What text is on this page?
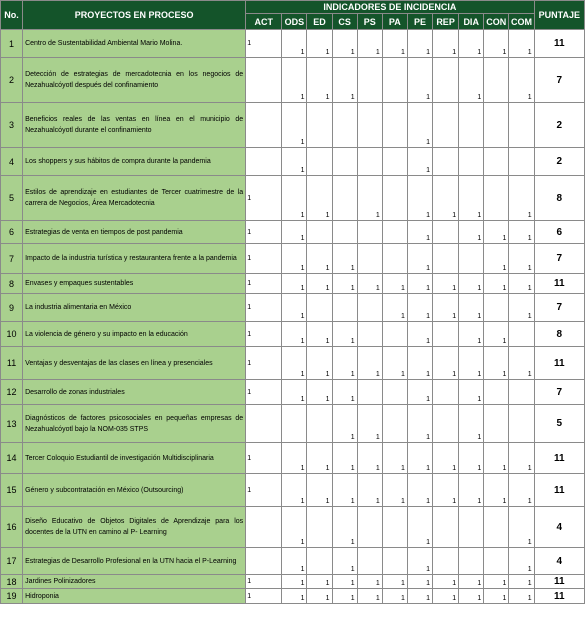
No.	PROYECTOS EN PROCESO	INDICADORES DE INCIDENCIA											PUNTAJE
		ACT	ODS	ED	CS	PS	PA	PE	REP	DIA	CON	COM	
1	Centro de Sustentabilidad Ambiental Mario Molina.	1	1	1	1	1	1	1	1	1	1	1	11
2	Detección de estrategias de mercadotecnia en los negocios de Nezahualcóyotl después del confinamiento		1	1	1			1		1		1	7
3	Beneficios reales de las ventas en línea en el municipio de Nezahualcóyotl durante el confinamiento		1					1					2
4	Los shoppers y sus hábitos de compra durante la pandemia		1					1					2
5	Estilos de aprendizaje en estudiantes de Tercer cuatrimestre de la carrera de Negocios, Área Mercadotecnia	1	1	1		1		1	1	1		1	8
6	Estrategias de venta en tiempos de post pandemia	1	1					1		1	1	1	6
7	Impacto de la industria turística y restaurantera frente a la pandemia	1	1	1	1			1			1	1	7
8	Envases y empaques sustentables	1	1	1	1	1	1	1	1	1	1	1	11
9	La industria alimentaria en México	1	1				1	1	1	1		1	7
10	La violencia de género y su impacto en la educación	1	1	1	1			1		1	1		8
11	Ventajas y desventajas de las clases en línea y presenciales	1	1	1	1	1	1	1	1	1	1	1	11
12	Desarrollo de zonas industriales	1	1	1	1			1		1			7
13	Diagnósticos de factores psicosociales en pequeñas empresas de Nezahualcóyotl bajo la NOM-035 STPS				1	1		1		1			5
14	Tercer Coloquio Estudiantil de investigación Multidisciplinaria	1	1	1	1	1	1	1	1	1	1	1	11
15	Género y subcontratación en México (Outsourcing)	1	1	1	1	1	1	1	1	1	1	1	11
16	Diseño Educativo de Objetos Digitales de Aprendizaje para los docentes de la UTN en camino al P- Learning		1		1			1				1	4
17	Estrategias de Desarrollo Profesional en la UTN hacia el P-Learning		1		1			1				1	4
18	Jardines Polinizadores	1	1	1	1	1	1	1	1	1	1	1	11
19	Hidroponia	1	1	1	1	1	1	1	1	1	1	1	11
